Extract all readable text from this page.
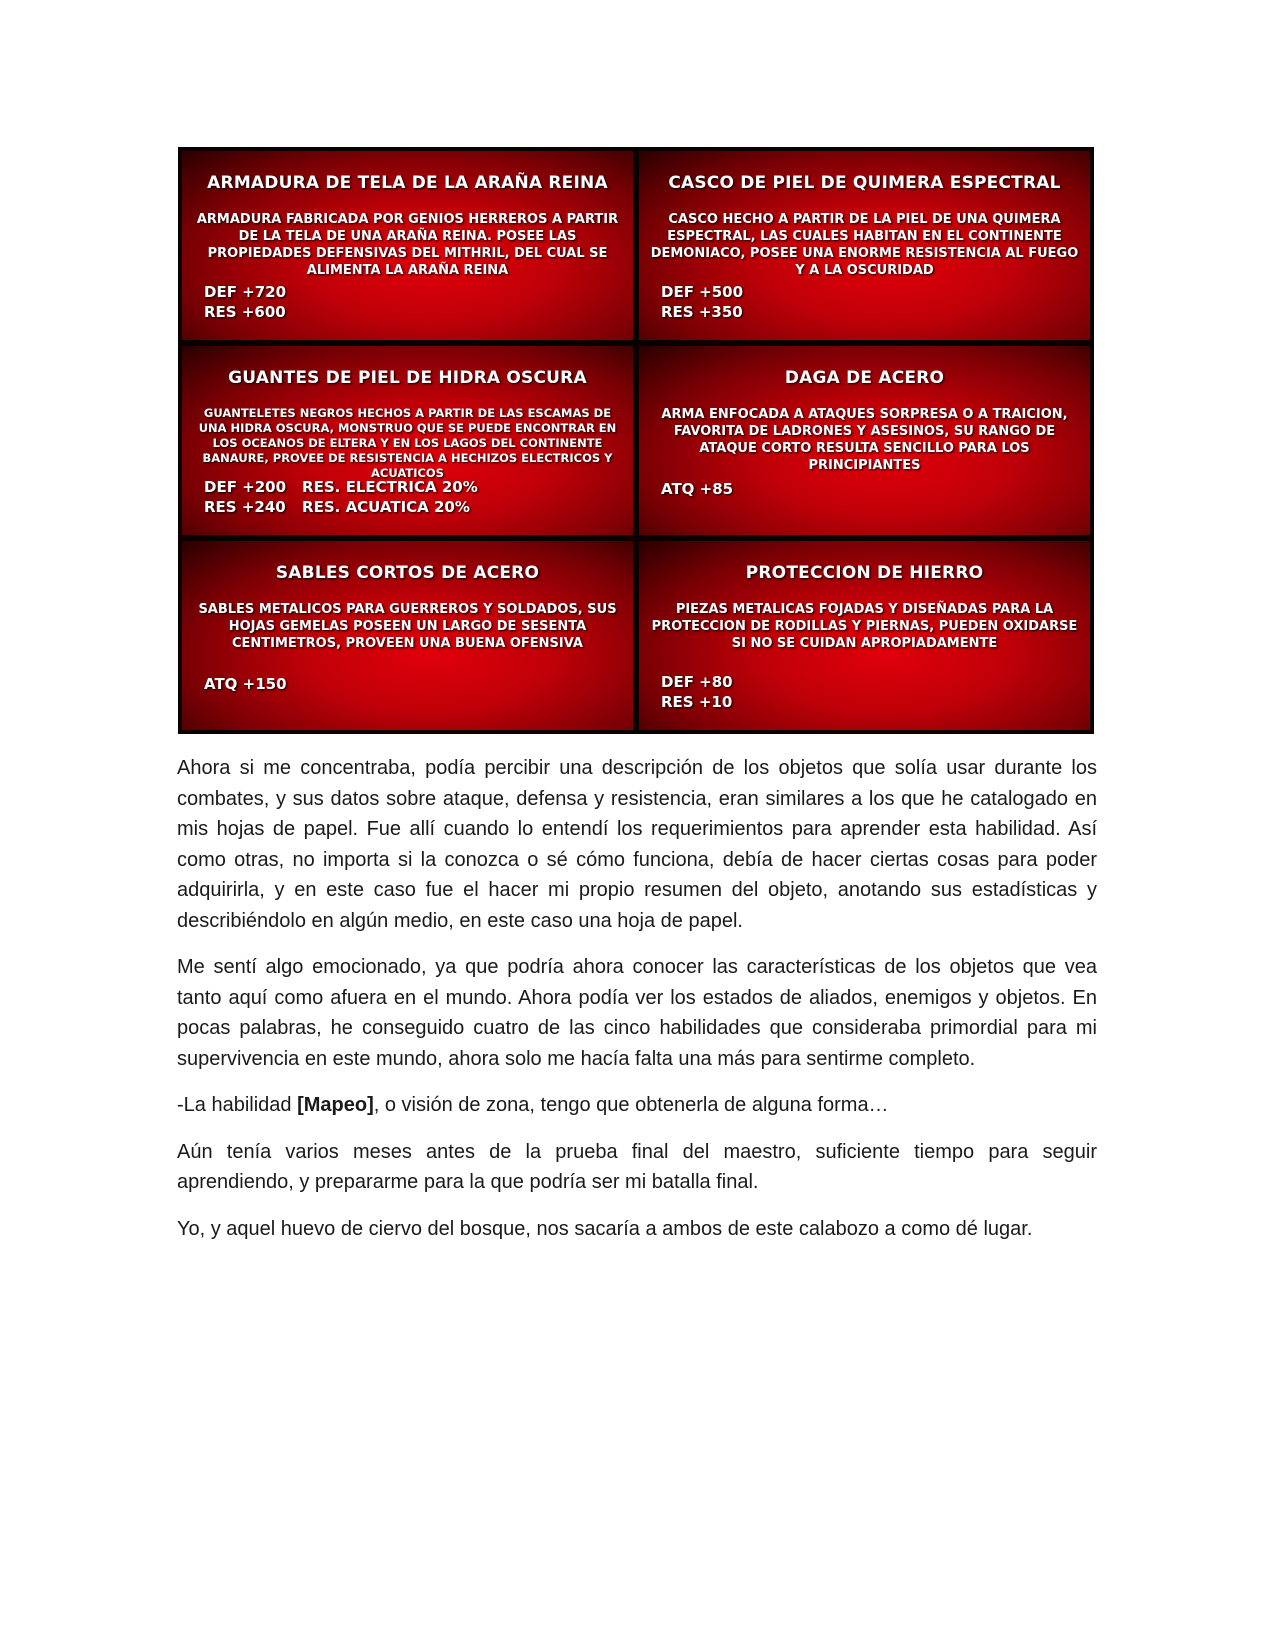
ARMADURA DE TELA DE LA ARAÑA REINA
ARMADURA FABRICADA POR GENIOS HERREROS A PARTIR DE LA TELA DE UNA ARAÑA REINA. POSEE LAS PROPIEDADES DEFENSIVAS DEL MITHRIL, DEL CUAL SE ALIMENTA LA ARAÑA REINA
DEF +720
RES +600
CASCO DE PIEL DE QUIMERA ESPECTRAL
CASCO HECHO A PARTIR DE LA PIEL DE UNA QUIMERA ESPECTRAL, LAS CUALES HABITAN EN EL CONTINENTE DEMONIACO, POSEE UNA ENORME RESISTENCIA AL FUEGO Y A LA OSCURIDAD
DEF +500
RES +350
GUANTES DE PIEL DE HIDRA OSCURA
GUANTELETES NEGROS HECHOS A PARTIR DE LAS ESCAMAS DE UNA HIDRA OSCURA, MONSTRUO QUE SE PUEDE ENCONTRAR EN LOS OCEANOS DE ELTERA Y EN LOS LAGOS DEL CONTINENTE BANAURE, PROVEE DE RESISTENCIA A HECHIZOS ELECTRICOS Y ACUATICOS
DEF +200 RES. ELECTRICA 20%
RES +240 RES. ACUATICA 20%
DAGA DE ACERO
ARMA ENFOCADA A ATAQUES SORPRESA O A TRAICION, FAVORITA DE LADRONES Y ASESINOS, SU RANGO DE ATAQUE CORTO RESULTA SENCILLO PARA LOS PRINCIPIANTES
ATQ +85
SABLES CORTOS DE ACERO
SABLES METALICOS PARA GUERREROS Y SOLDADOS, SUS HOJAS GEMELAS POSEEN UN LARGO DE SESENTA CENTIMETROS, PROVEEN UNA BUENA OFENSIVA
ATQ +150
PROTECCION DE HIERRO
PIEZAS METALICAS FOJADAS Y DISEÑADAS PARA LA PROTECCION DE RODILLAS Y PIERNAS, PUEDEN OXIDARSE SI NO SE CUIDAN APROPIADAMENTE
DEF +80
RES +10

Ahora si me concentraba, podía percibir una descripción de los objetos que solía usar durante los combates, y sus datos sobre ataque, defensa y resistencia, eran similares a los que he catalogado en mis hojas de papel. Fue allí cuando lo entendí los requerimientos para aprender esta habilidad. Así como otras, no importa si la conozca o sé cómo funciona, debía de hacer ciertas cosas para poder adquirirla, y en este caso fue el hacer mi propio resumen del objeto, anotando sus estadísticas y describiéndolo en algún medio, en este caso una hoja de papel.

Me sentí algo emocionado, ya que podría ahora conocer las características de los objetos que vea tanto aquí como afuera en el mundo. Ahora podía ver los estados de aliados, enemigos y objetos. En pocas palabras, he conseguido cuatro de las cinco habilidades que consideraba primordial para mi supervivencia en este mundo, ahora solo me hacía falta una más para sentirme completo.

-La habilidad [Mapeo], o visión de zona, tengo que obtenerla de alguna forma…

Aún tenía varios meses antes de la prueba final del maestro, suficiente tiempo para seguir aprendiendo, y prepararme para la que podría ser mi batalla final.

Yo, y aquel huevo de ciervo del bosque, nos sacaría a ambos de este calabozo a como dé lugar.
